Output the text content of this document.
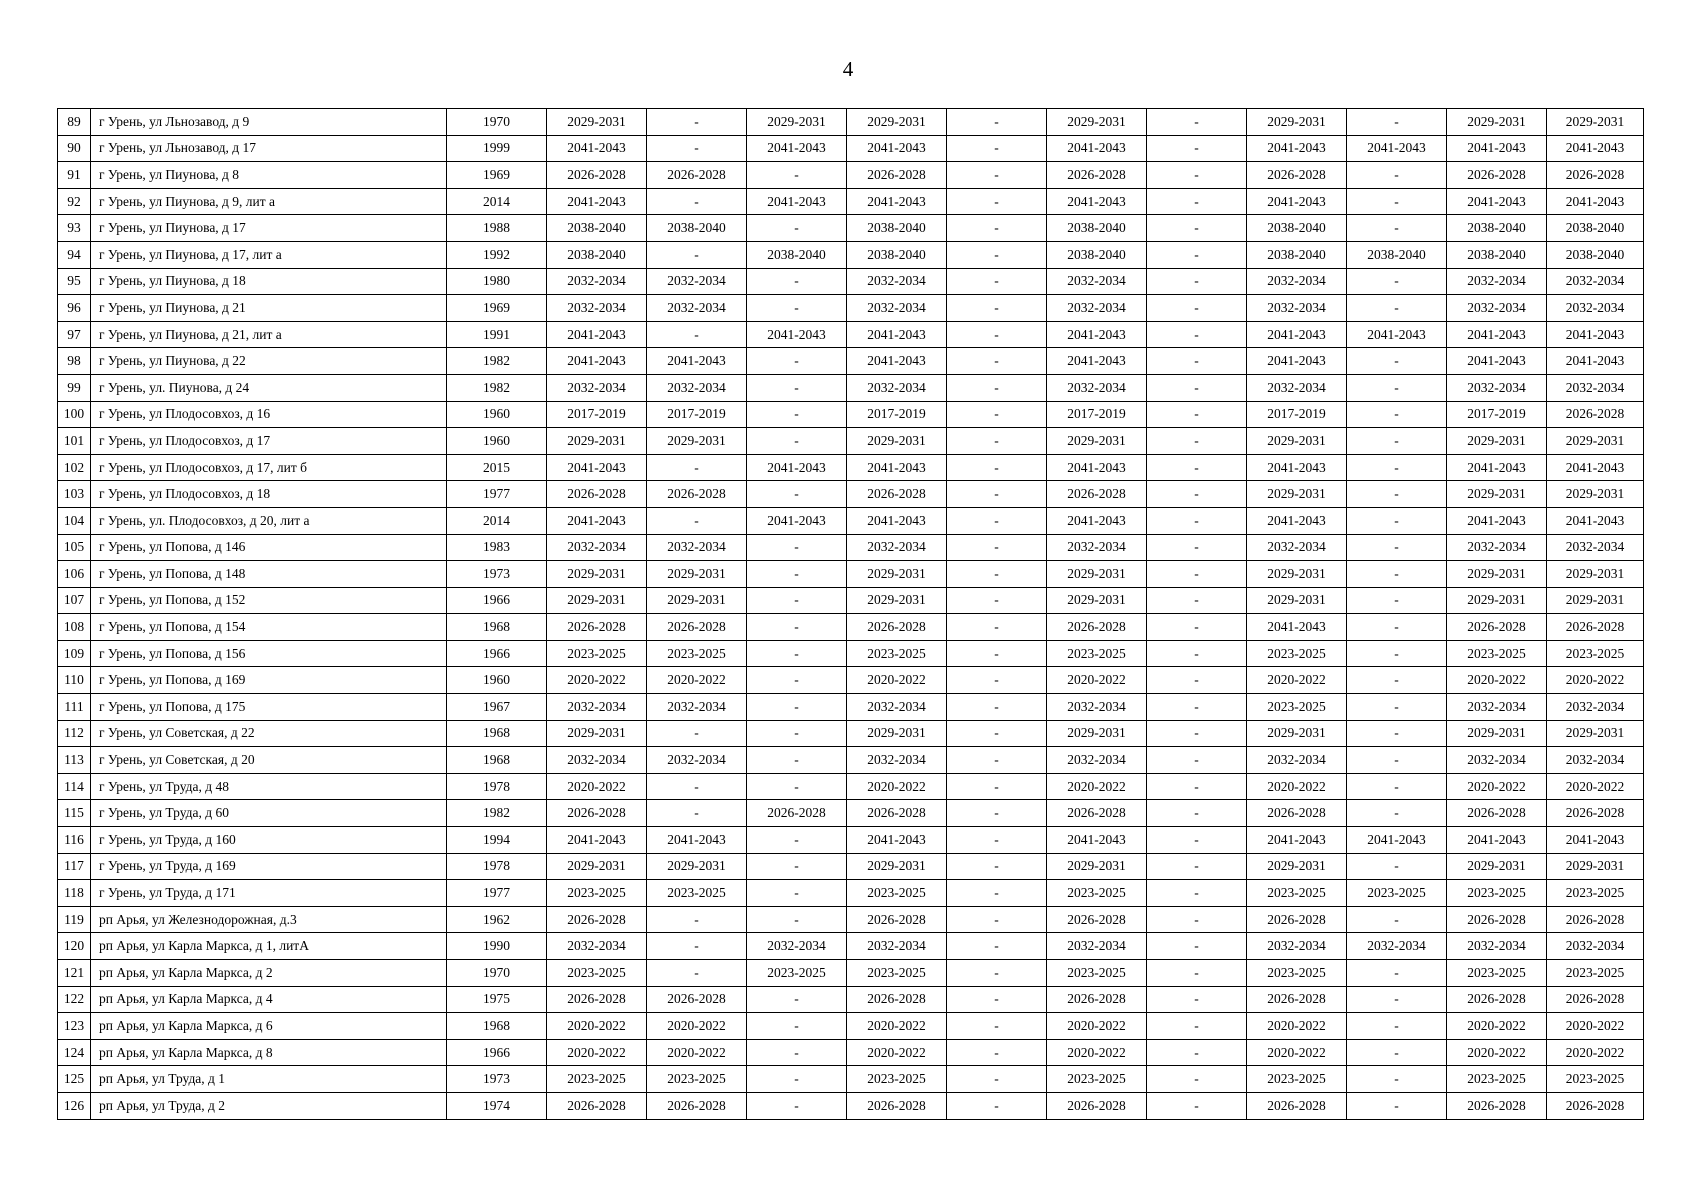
4
89	г Урень, ул Льнозавод, д 9	1970	2029-2031	-	2029-2031	2029-2031	-	2029-2031	-	2029-2031	-	2029-2031	2029-2031
90	г Урень, ул Льнозавод, д 17	1999	2041-2043	-	2041-2043	2041-2043	-	2041-2043	-	2041-2043	2041-2043	2041-2043	2041-2043
91	г Урень, ул Пиунова, д 8	1969	2026-2028	2026-2028	-	2026-2028	-	2026-2028	-	2026-2028	-	2026-2028	2026-2028
92	г Урень, ул Пиунова, д 9, лит а	2014	2041-2043	-	2041-2043	2041-2043	-	2041-2043	-	2041-2043	-	2041-2043	2041-2043
93	г Урень, ул Пиунова, д 17	1988	2038-2040	2038-2040	-	2038-2040	-	2038-2040	-	2038-2040	-	2038-2040	2038-2040
94	г Урень, ул Пиунова, д 17, лит а	1992	2038-2040	-	2038-2040	2038-2040	-	2038-2040	-	2038-2040	2038-2040	2038-2040	2038-2040
95	г Урень, ул Пиунова, д 18	1980	2032-2034	2032-2034	-	2032-2034	-	2032-2034	-	2032-2034	-	2032-2034	2032-2034
96	г Урень, ул Пиунова, д 21	1969	2032-2034	2032-2034	-	2032-2034	-	2032-2034	-	2032-2034	-	2032-2034	2032-2034
97	г Урень, ул Пиунова, д 21, лит а	1991	2041-2043	-	2041-2043	2041-2043	-	2041-2043	-	2041-2043	2041-2043	2041-2043	2041-2043
98	г Урень, ул Пиунова, д 22	1982	2041-2043	2041-2043	-	2041-2043	-	2041-2043	-	2041-2043	-	2041-2043	2041-2043
99	г Урень, ул. Пиунова, д 24	1982	2032-2034	2032-2034	-	2032-2034	-	2032-2034	-	2032-2034	-	2032-2034	2032-2034
100	г Урень, ул Плодосовхоз, д 16	1960	2017-2019	2017-2019	-	2017-2019	-	2017-2019	-	2017-2019	-	2017-2019	2026-2028
101	г Урень, ул Плодосовхоз, д 17	1960	2029-2031	2029-2031	-	2029-2031	-	2029-2031	-	2029-2031	-	2029-2031	2029-2031
102	г Урень, ул Плодосовхоз, д 17, лит б	2015	2041-2043	-	2041-2043	2041-2043	-	2041-2043	-	2041-2043	-	2041-2043	2041-2043
103	г Урень, ул Плодосовхоз, д 18	1977	2026-2028	2026-2028	-	2026-2028	-	2026-2028	-	2029-2031	-	2029-2031	2029-2031
104	г Урень, ул. Плодосовхоз, д 20, лит а	2014	2041-2043	-	2041-2043	2041-2043	-	2041-2043	-	2041-2043	-	2041-2043	2041-2043
105	г Урень, ул Попова, д 146	1983	2032-2034	2032-2034	-	2032-2034	-	2032-2034	-	2032-2034	-	2032-2034	2032-2034
106	г Урень, ул Попова, д 148	1973	2029-2031	2029-2031	-	2029-2031	-	2029-2031	-	2029-2031	-	2029-2031	2029-2031
107	г Урень, ул Попова, д 152	1966	2029-2031	2029-2031	-	2029-2031	-	2029-2031	-	2029-2031	-	2029-2031	2029-2031
108	г Урень, ул Попова, д 154	1968	2026-2028	2026-2028	-	2026-2028	-	2026-2028	-	2041-2043	-	2026-2028	2026-2028
109	г Урень, ул Попова, д 156	1966	2023-2025	2023-2025	-	2023-2025	-	2023-2025	-	2023-2025	-	2023-2025	2023-2025
110	г Урень, ул Попова, д 169	1960	2020-2022	2020-2022	-	2020-2022	-	2020-2022	-	2020-2022	-	2020-2022	2020-2022
111	г Урень, ул Попова, д 175	1967	2032-2034	2032-2034	-	2032-2034	-	2032-2034	-	2023-2025	-	2032-2034	2032-2034
112	г Урень, ул Советская, д 22	1968	2029-2031	-	-	2029-2031	-	2029-2031	-	2029-2031	-	2029-2031	2029-2031
113	г Урень, ул Советская, д 20	1968	2032-2034	2032-2034	-	2032-2034	-	2032-2034	-	2032-2034	-	2032-2034	2032-2034
114	г Урень, ул Труда, д 48	1978	2020-2022	-	-	2020-2022	-	2020-2022	-	2020-2022	-	2020-2022	2020-2022
115	г Урень, ул Труда, д 60	1982	2026-2028	-	2026-2028	2026-2028	-	2026-2028	-	2026-2028	-	2026-2028	2026-2028
116	г Урень, ул Труда, д 160	1994	2041-2043	2041-2043	-	2041-2043	-	2041-2043	-	2041-2043	2041-2043	2041-2043	2041-2043
117	г Урень, ул Труда, д 169	1978	2029-2031	2029-2031	-	2029-2031	-	2029-2031	-	2029-2031	-	2029-2031	2029-2031
118	г Урень, ул Труда, д 171	1977	2023-2025	2023-2025	-	2023-2025	-	2023-2025	-	2023-2025	2023-2025	2023-2025	2023-2025
119	рп Арья, ул Железнодорожная, д.3	1962	2026-2028	-	-	2026-2028	-	2026-2028	-	2026-2028	-	2026-2028	2026-2028
120	рп Арья, ул Карла Маркса, д 1, литА	1990	2032-2034	-	2032-2034	2032-2034	-	2032-2034	-	2032-2034	2032-2034	2032-2034	2032-2034
121	рп Арья, ул Карла Маркса, д 2	1970	2023-2025	-	2023-2025	2023-2025	-	2023-2025	-	2023-2025	-	2023-2025	2023-2025
122	рп Арья, ул Карла Маркса, д 4	1975	2026-2028	2026-2028	-	2026-2028	-	2026-2028	-	2026-2028	-	2026-2028	2026-2028
123	рп Арья, ул Карла Маркса, д 6	1968	2020-2022	2020-2022	-	2020-2022	-	2020-2022	-	2020-2022	-	2020-2022	2020-2022
124	рп Арья, ул Карла Маркса, д 8	1966	2020-2022	2020-2022	-	2020-2022	-	2020-2022	-	2020-2022	-	2020-2022	2020-2022
125	рп Арья, ул Труда, д 1	1973	2023-2025	2023-2025	-	2023-2025	-	2023-2025	-	2023-2025	-	2023-2025	2023-2025
126	рп Арья, ул Труда, д 2	1974	2026-2028	2026-2028	-	2026-2028	-	2026-2028	-	2026-2028	-	2026-2028	2026-2028
